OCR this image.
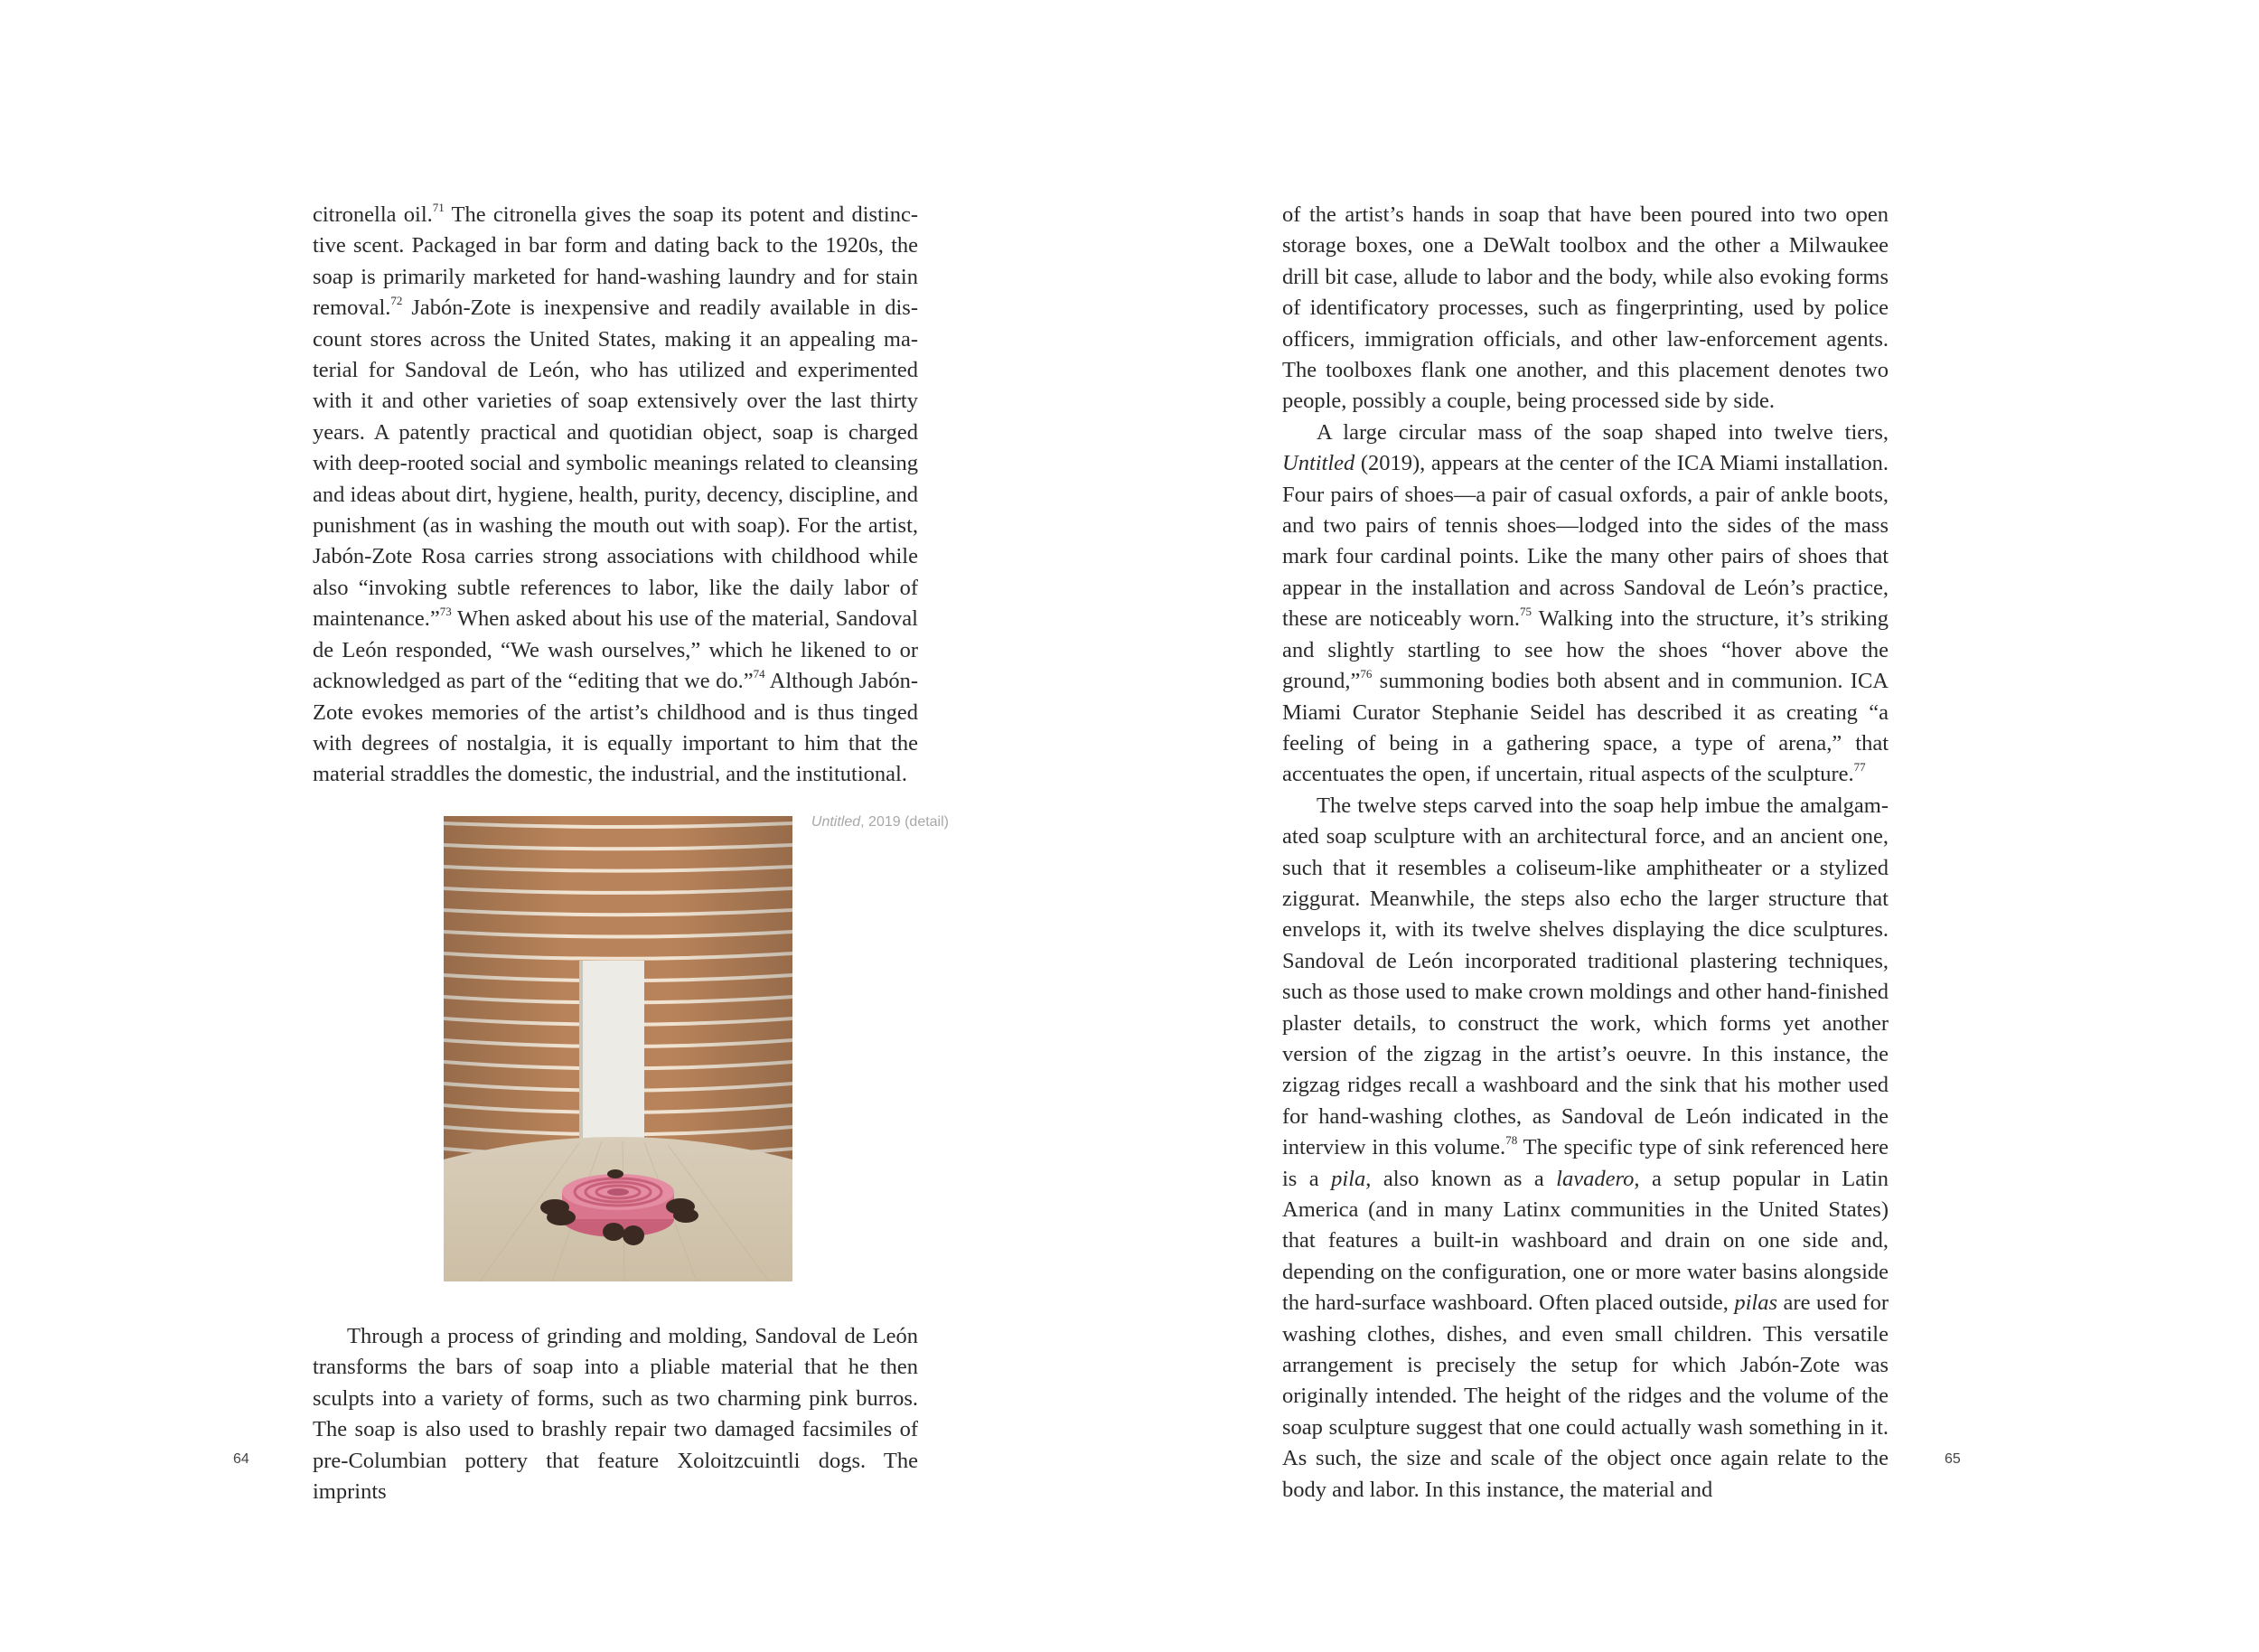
citronella oil.$^{71}$ The citronella gives the soap its potent and distinctive scent. Packaged in bar form and dating back to the 1920s, the soap is primarily marketed for hand-washing laundry and for stain removal.$^{72}$ Jabón-Zote is inexpensive and readily available in discount stores across the United States, making it an appealing material for Sandoval de León, who has utilized and experimented with it and other varieties of soap extensively over the last thirty years. A patently practical and quotidian object, soap is charged with deep-rooted social and symbolic meanings related to cleansing and ideas about dirt, hygiene, health, purity, decency, discipline, and punishment (as in washing the mouth out with soap). For the artist, Jabón-Zote Rosa carries strong associations with childhood while also “invoking subtle references to labor, like the daily labor of maintenance.”$^{73}$ When asked about his use of the material, Sandoval de León responded, “We wash ourselves,” which he likened to or acknowledged as part of the “editing that we do.”$^{74}$ Although Jabón-Zote evokes memories of the artist’s childhood and is thus tinged with degrees of nostalgia, it is equally important to him that the material straddles the domestic, the industrial, and the institutional.

Untitled, 2019 (detail)

Through a process of grinding and molding, Sandoval de León transforms the bars of soap into a pliable material that he then sculpts into a variety of forms, such as two charming pink burros. The soap is also used to brashly repair two damaged facsimiles of pre-Columbian pottery that feature Xoloitzcuintli dogs. The imprints

64

of the artist’s hands in soap that have been poured into two open storage boxes, one a DeWalt toolbox and the other a Milwaukee drill bit case, allude to labor and the body, while also evoking forms of identificatory processes, such as fingerprinting, used by police officers, immigration officials, and other law-enforcement agents. The toolboxes flank one another, and this placement denotes two people, possibly a couple, being processed side by side.

A large circular mass of the soap shaped into twelve tiers, Untitled (2019), appears at the center of the ICA Miami installation. Four pairs of shoes—a pair of casual oxfords, a pair of ankle boots, and two pairs of tennis shoes—lodged into the sides of the mass mark four cardinal points. Like the many other pairs of shoes that appear in the installation and across Sandoval de León’s practice, these are noticeably worn.$^{75}$ Walking into the structure, it’s striking and slightly startling to see how the shoes “hover above the ground,”$^{76}$ summoning bodies both absent and in communion. ICA Miami Curator Stephanie Seidel has described it as creating “a feeling of being in a gathering space, a type of arena,” that accentuates the open, if uncertain, ritual aspects of the sculpture.$^{77}$

The twelve steps carved into the soap help imbue the amalgamated soap sculpture with an architectural force, and an ancient one, such that it resembles a coliseum-like amphitheater or a stylized ziggurat. Meanwhile, the steps also echo the larger structure that envelops it, with its twelve shelves displaying the dice sculptures. Sandoval de León incorporated traditional plastering techniques, such as those used to make crown moldings and other hand-finished plaster details, to construct the work, which forms yet another version of the zigzag in the artist’s oeuvre. In this instance, the zigzag ridges recall a washboard and the sink that his mother used for hand-washing clothes, as Sandoval de León indicated in the interview in this volume.$^{78}$ The specific type of sink referenced here is a pila, also known as a lavadero, a setup popular in Latin America (and in many Latinx communities in the United States) that features a built-in washboard and drain on one side and, depending on the configuration, one or more water basins alongside the hard-surface washboard. Often placed outside, pilas are used for washing clothes, dishes, and even small children. This versatile arrangement is precisely the setup for which Jabón-Zote was originally intended. The height of the ridges and the volume of the soap sculpture suggest that one could actually wash something in it. As such, the size and scale of the object once again relate to the body and labor. In this instance, the material and

65
